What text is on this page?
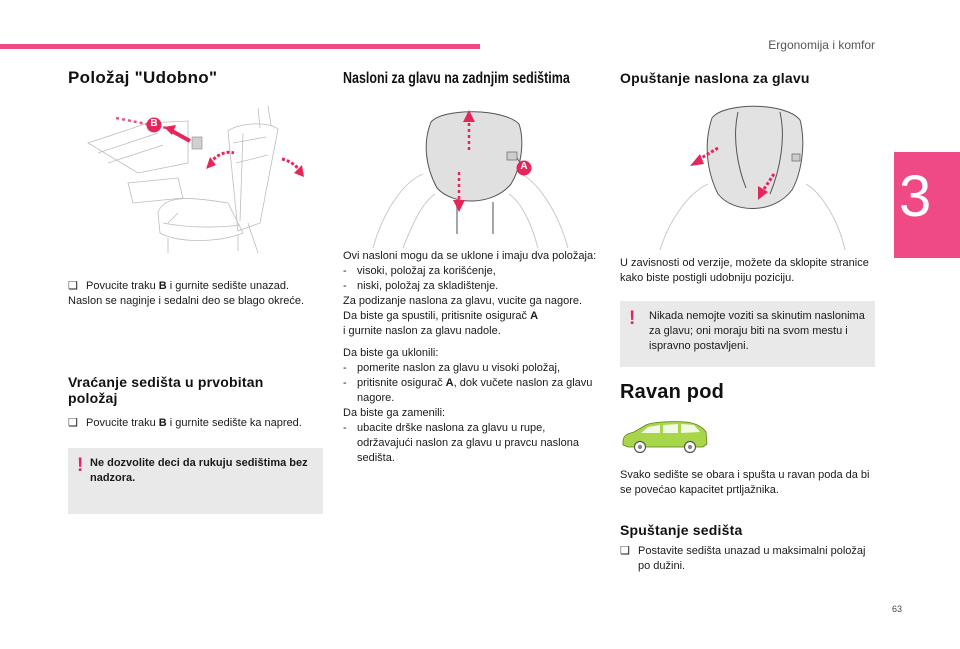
Ergonomija i komfor
3
63
Položaj "Udobno"
B
❑ Povucite traku B i gurnite sedište unazad.

Naslon se naginje i sedalni deo se blago okreće.

Vraćanje sedišta u prvobitan položaj
❑ Povucite traku B i gurnite sedište ka napred.
! Ne dozvolite deci da rukuju sedištima bez nadzora.
Nasloni za glavu na zadnjim sedištima
A

Ovi nasloni mogu da se uklone i imaju dva položaja:

- visoki, položaj za korišćenje,
- niski, položaj za skladištenje.

Za podizanje naslona za glavu, vucite ga nagore.

Da biste ga spustili, pritisnite osigurač A

i gurnite naslon za glavu nadole.

Da biste ga uklonili:

- pomerite naslon za glavu u visoki položaj,
- pritisnite osigurač A, dok vučete naslon za glavu nagore.

Da biste ga zamenili:

- ubacite drške naslona za glavu u rupe, održavajući naslon za glavu u pravcu naslona sedišta.
Opuštanje naslona za glavu
U zavisnosti od verzije, možete da sklopite stranice kako biste postigli udobniju poziciju.
! Nikada nemojte voziti sa skinutim naslonima za glavu; oni moraju biti na svom mestu i ispravno postavljeni.
Ravan pod
Svako sedište se obara i spušta u ravan poda da bi se povećao kapacitet prtljažnika.
Spuštanje sedišta
❑ Postavite sedišta unazad u maksimalni položaj po dužini.
